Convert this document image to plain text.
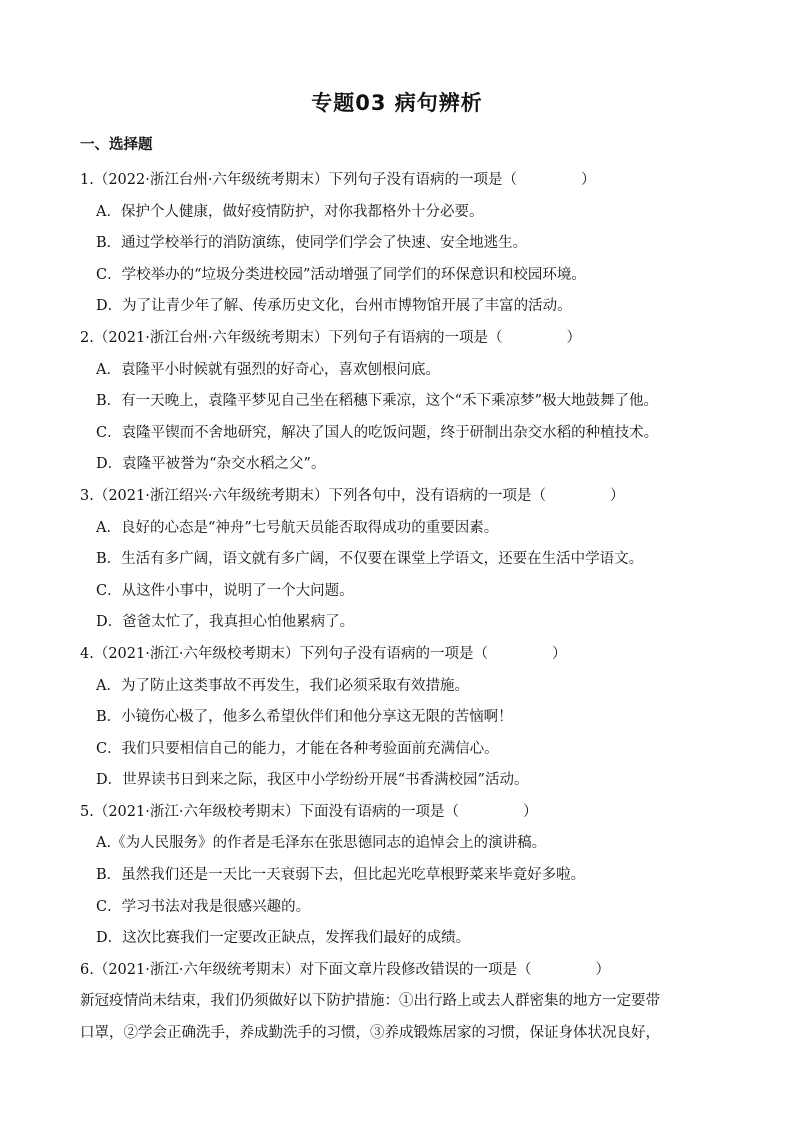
专题03 病句辨析
一、选择题
1.（2022·浙江台州·六年级统考期末）下列句子没有语病的一项是（	）
A．保护个人健康，做好疫情防护，对你我都格外十分必要。
B．通过学校举行的消防演练，使同学们学会了快速、安全地逃生。
C．学校举办的“垃圾分类进校园”活动增强了同学们的环保意识和校园环境。
D．为了让青少年了解、传承历史文化，台州市博物馆开展了丰富的活动。
2.（2021·浙江台州·六年级统考期末）下列句子有语病的一项是（	）
A．袁隆平小时候就有强烈的好奇心，喜欢刨根问底。
B．有一天晚上，袁隆平梦见自己坐在稻穗下乘凉，这个“禾下乘凉梦”极大地鼓舞了他。
C．袁隆平锲而不舍地研究，解决了国人的吃饭问题，终于研制出杂交水稻的种植技术。
D．袁隆平被誉为“杂交水稻之父”。
3.（2021·浙江绍兴·六年级统考期末）下列各句中，没有语病的一项是（	）
A．良好的心态是“神舟”七号航天员能否取得成功的重要因素。
B．生活有多广阔，语文就有多广阔，不仅要在课堂上学语文，还要在生活中学语文。
C．从这件小事中，说明了一个大问题。
D．爸爸太忙了，我真担心怕他累病了。
4.（2021·浙江·六年级校考期末）下列句子没有语病的一项是（	）
A．为了防止这类事故不再发生，我们必须采取有效措施。
B．小镜伤心极了，他多么希望伙伴们和他分享这无限的苦恼啊！
C．我们只要相信自己的能力，才能在各种考验面前充满信心。
D．世界读书日到来之际，我区中小学纷纷开展“书香满校园”活动。
5.（2021·浙江·六年级校考期末）下面没有语病的一项是（	）
A.《为人民服务》的作者是毛泽东在张思德同志的追悼会上的演讲稿。
B．虽然我们还是一天比一天衰弱下去，但比起光吃草根野菜来毕竟好多啦。
C．学习书法对我是很感兴趣的。
D．这次比赛我们一定要改正缺点，发挥我们最好的成绩。
6.（2021·浙江·六年级统考期末）对下面文章片段修改错误的一项是（	）
新冠疫情尚未结束，我们仍须做好以下防护措施：①出行路上或去人群密集的地方一定要带
口罩，②学会正确洗手，养成勤洗手的习惯，③养成锻炼居家的习惯，保证身体状况良好，
